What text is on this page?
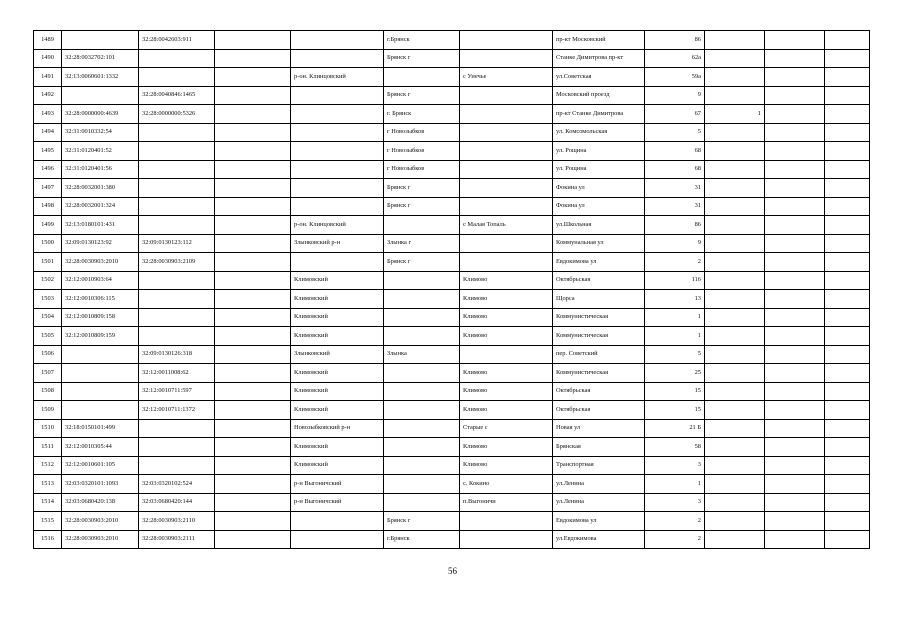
1489		32:28:0042603:911			г.Брянск		пр-кт Московский	86			
1490	32:28:0032702:101				Брянск г		Станке Димитрова пр-кт	62а			
1491	32:13:0060601:1332			р-он. Клинцовский		с Унечье	ул.Советская	59а			
1492		32:28:0040846:1465			Брянск г		Московский проезд	9			
1493	32:28:0000000:4639	32:28:0000000:5326			г. Брянск		пр-кт Станке Димитрова	67	1		
1494	32:31:0010332:54				г Новозыбков		ул. Комсомольская	5			
1495	32:31:0120401:52				г Новозыбков		ул. Рощина	68			
1496	32:31:0120401:56				г Новозыбков		ул. Рощина	68			
1497	32:28:0032001:380				Брянск г		Фокина ул	31			
1498	32:28:0032001:324				Брянск г		Фокина ул	31			
1499	32:13:0180101:431			р-он. Клинцовский		с Малая Топаль	ул.Школьная	86			
1500	32:09:0130123:92	32:09:0130123:112		Злынковский р-н	Злынка г		Коммунальная ул	9			
1501	32:28:0030903:2010	32:28:0030903:2109			Брянск г		Евдокимова ул	2			
1502	32:12:0010903:64			Климовский		Климово	Октябрьская	116			
1503	32:12:0010306:115			Климовский		Климово	Щорса	13			
1504	32:12:0010809:158			Климовский		Климово	Коммунистическая	1			
1505	32:12:0010809:159			Климовский		Климово	Коммунистическая	1			
1506		32:09:0130126:318		Злынковский	Злынка		пер. Советский	5			
1507		32:12:0011008:62		Климовский		Климово	Коммунистическая	25			
1508		32:12:0010711:597		Климовский		Климово	Октябрьская	15			
1509		32:12:0010711:1372		Климовский		Климово	Октябрьская	15			
1510	32:18:0150101:499			Новозыбковский р-н		Старые с	Новая ул	21 Б			
1511	32:12:0010305:44			Климовский		Климово	Брянская	58			
1512	32:12:0010601:105			Климовский		Климово	Транспортная	3			
1513	32:03:0320101:1093	32:03:0320102:524		р-н Выгоничский		с. Кокино	ул.Ленина	1			
1514	32:03:0680420:138	32:03:0680420:144		р-н Выгоничский		п.Выгоничи	ул.Ленина	3			
1515	32:28:0030903:2010	32:28:0030903:2110			Брянск г		Евдокимова ул	2			
1516	32:28:0030903:2010	32:28:0030903:2111			г.Брянск		ул.Евдокимова	2			
56
